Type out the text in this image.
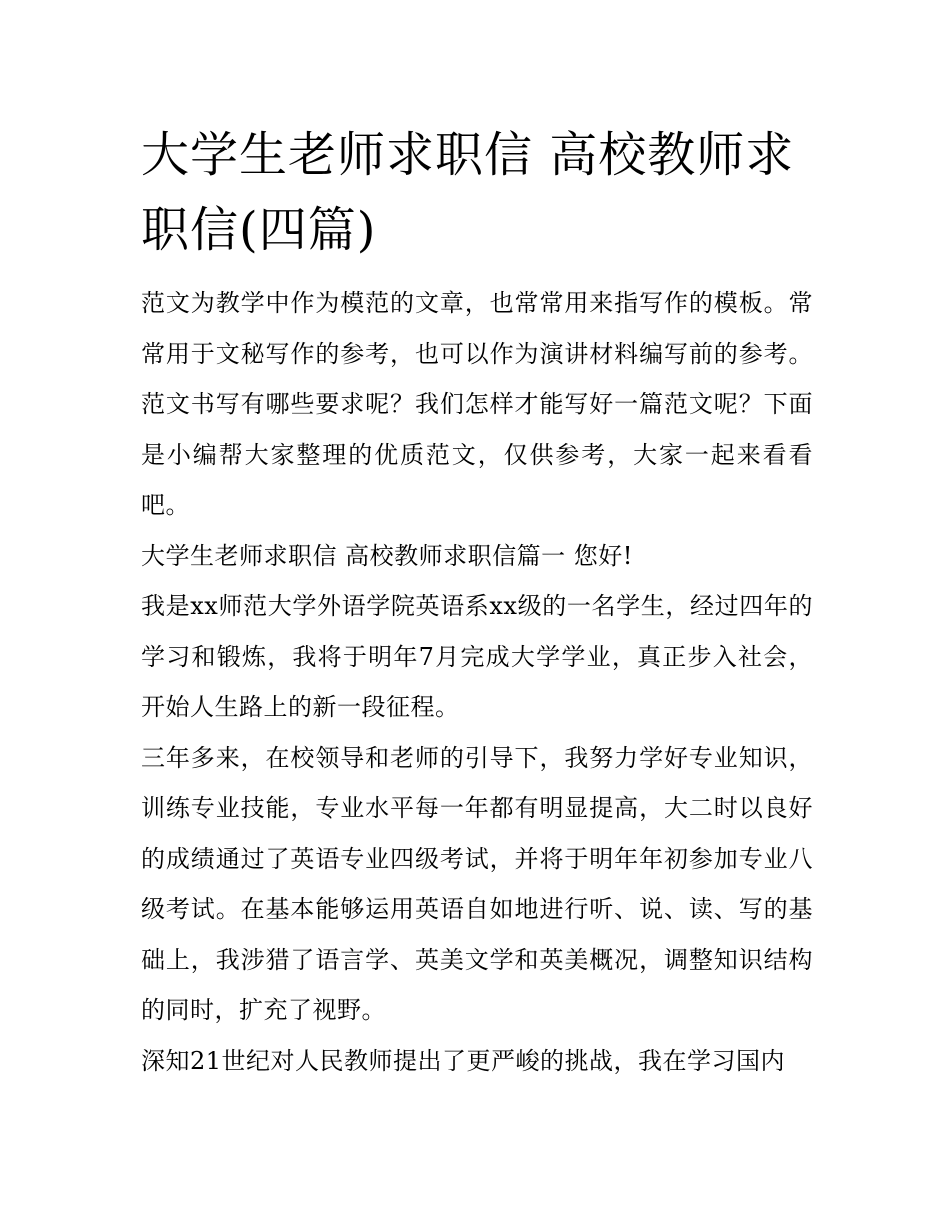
大学生老师求职信 高校教师求职信(四篇)

范文为教学中作为模范的文章，也常常用来指写作的模板。常常用于文秘写作的参考，也可以作为演讲材料编写前的参考。范文书写有哪些要求呢？我们怎样才能写好一篇范文呢？下面是小编帮大家整理的优质范文，仅供参考，大家一起来看看吧。

大学生老师求职信 高校教师求职信篇一 您好!

我是xx师范大学外语学院英语系xx级的一名学生，经过四年的学习和锻炼，我将于明年7月完成大学学业，真正步入社会，开始人生路上的新一段征程。

三年多来，在校领导和老师的引导下，我努力学好专业知识，训练专业技能，专业水平每一年都有明显提高，大二时以良好的成绩通过了英语专业四级考试，并将于明年年初参加专业八级考试。在基本能够运用英语自如地进行听、说、读、写的基础上，我涉猎了语言学、英美文学和英美概况，调整知识结构的同时，扩充了视野。

深知21世纪对人民教师提出了更严峻的挑战，我在学习国内
